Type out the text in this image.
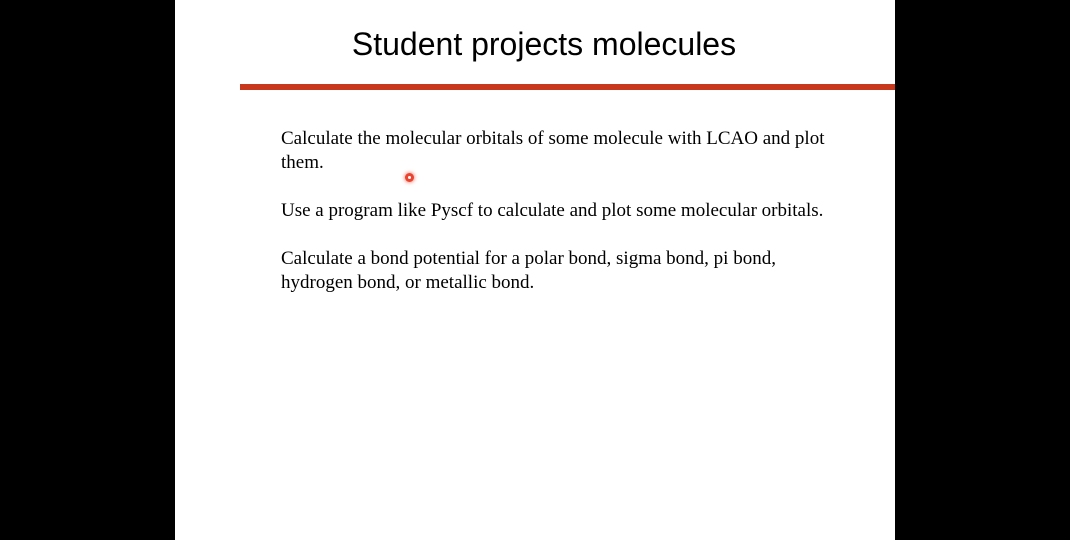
Student projects molecules

Calculate the molecular orbitals of some molecule with LCAO and plot them.

Use a program like Pyscf to calculate and plot some molecular orbitals.

Calculate a bond potential for a polar bond, sigma bond, pi bond, hydrogen bond, or metallic bond.
